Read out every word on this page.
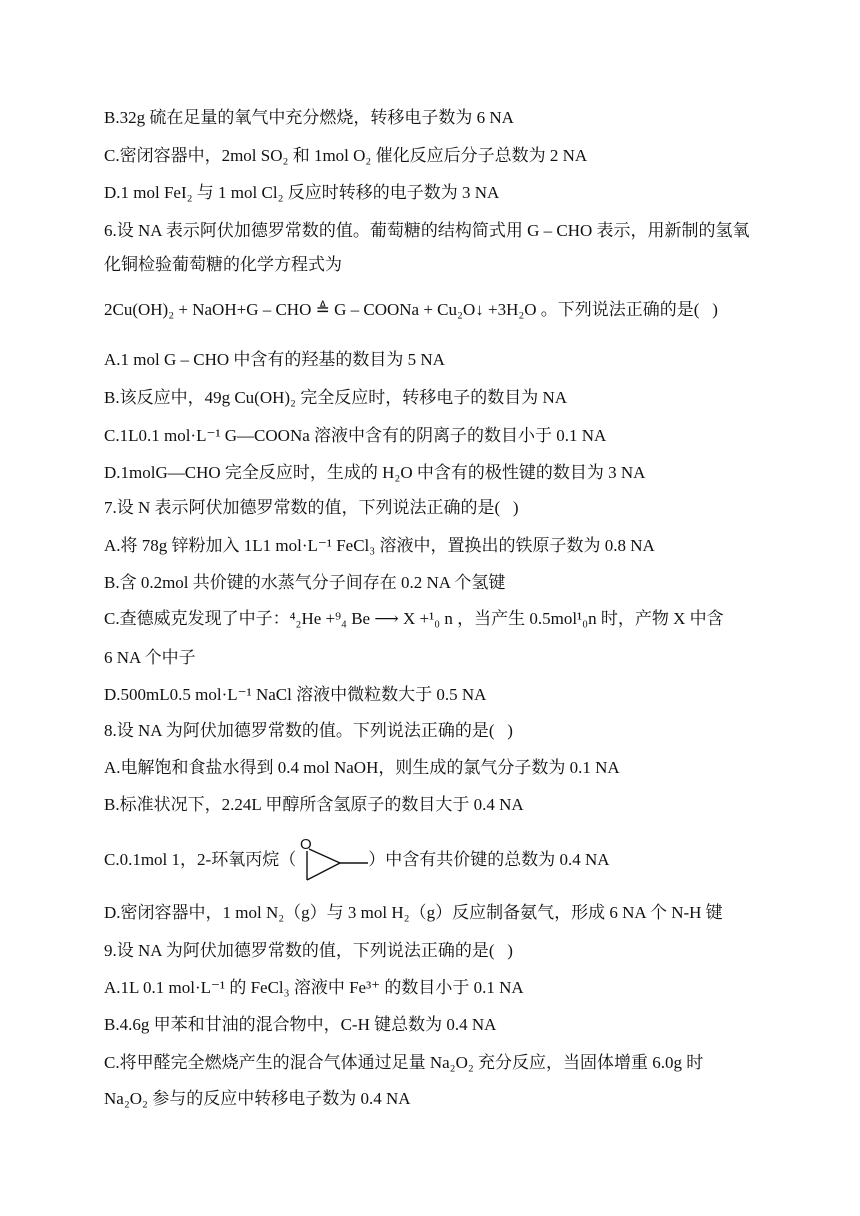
B.32g 硫在足量的氧气中充分燃烧，转移电子数为 6 NA
C.密闭容器中，2mol SO₂ 和 1mol O₂ 催化反应后分子总数为 2 NA
D.1 mol FeI₂ 与 1 mol Cl₂ 反应时转移的电子数为 3 NA
6.设 NA 表示阿伏加德罗常数的值。葡萄糖的结构简式用 G – CHO 表示，用新制的氢氧
化铜检验葡萄糖的化学方程式为
2Cu(OH)₂ + NaOH+G – CHO ≜ G – COONa + Cu₂O↓ +3H₂O 。下列说法正确的是(   )
A.1 mol G – CHO 中含有的羟基的数目为 5 NA
B.该反应中，49g Cu(OH)₂ 完全反应时，转移电子的数目为 NA
C.1L0.1 mol·L⁻¹ G—COONa 溶液中含有的阴离子的数目小于 0.1 NA
D.1molG—CHO 完全反应时，生成的 H₂O 中含有的极性键的数目为 3 NA
7.设 N 表示阿伏加德罗常数的值，下列说法正确的是(   )
A.将 78g 锌粉加入 1L1 mol·L⁻¹ FeCl₃ 溶液中，置换出的铁原子数为 0.8 NA
B.含 0.2mol 共价键的水蒸气分子间存在 0.2 NA 个氢键
C.查德威克发现了中子：⁴₂He +⁹₄ Be ⟶ X +¹₀ n ，当产生 0.5mol¹₀n 时，产物 X 中含
6 NA 个中子
D.500mL0.5 mol·L⁻¹ NaCl 溶液中微粒数大于 0.5 NA
8.设 NA 为阿伏加德罗常数的值。下列说法正确的是(   )
A.电解饱和食盐水得到 0.4 mol NaOH，则生成的氯气分子数为 0.1 NA
B.标准状况下，2.24L 甲醇所含氢原子的数目大于 0.4 NA
C.0.1mol 1，2-环氧丙烷（	）中含有共价键的总数为 0.4 NA
O
D.密闭容器中，1 mol N₂（g）与 3 mol H₂（g）反应制备氨气，形成 6 NA 个 N-H 键
9.设 NA 为阿伏加德罗常数的值，下列说法正确的是(   )
A.1L 0.1 mol·L⁻¹ 的 FeCl₃ 溶液中 Fe³⁺ 的数目小于 0.1 NA
B.4.6g 甲苯和甘油的混合物中，C-H 键总数为 0.4 NA
C.将甲醛完全燃烧产生的混合气体通过足量 Na₂O₂ 充分反应，当固体增重 6.0g 时
Na₂O₂ 参与的反应中转移电子数为 0.4 NA
